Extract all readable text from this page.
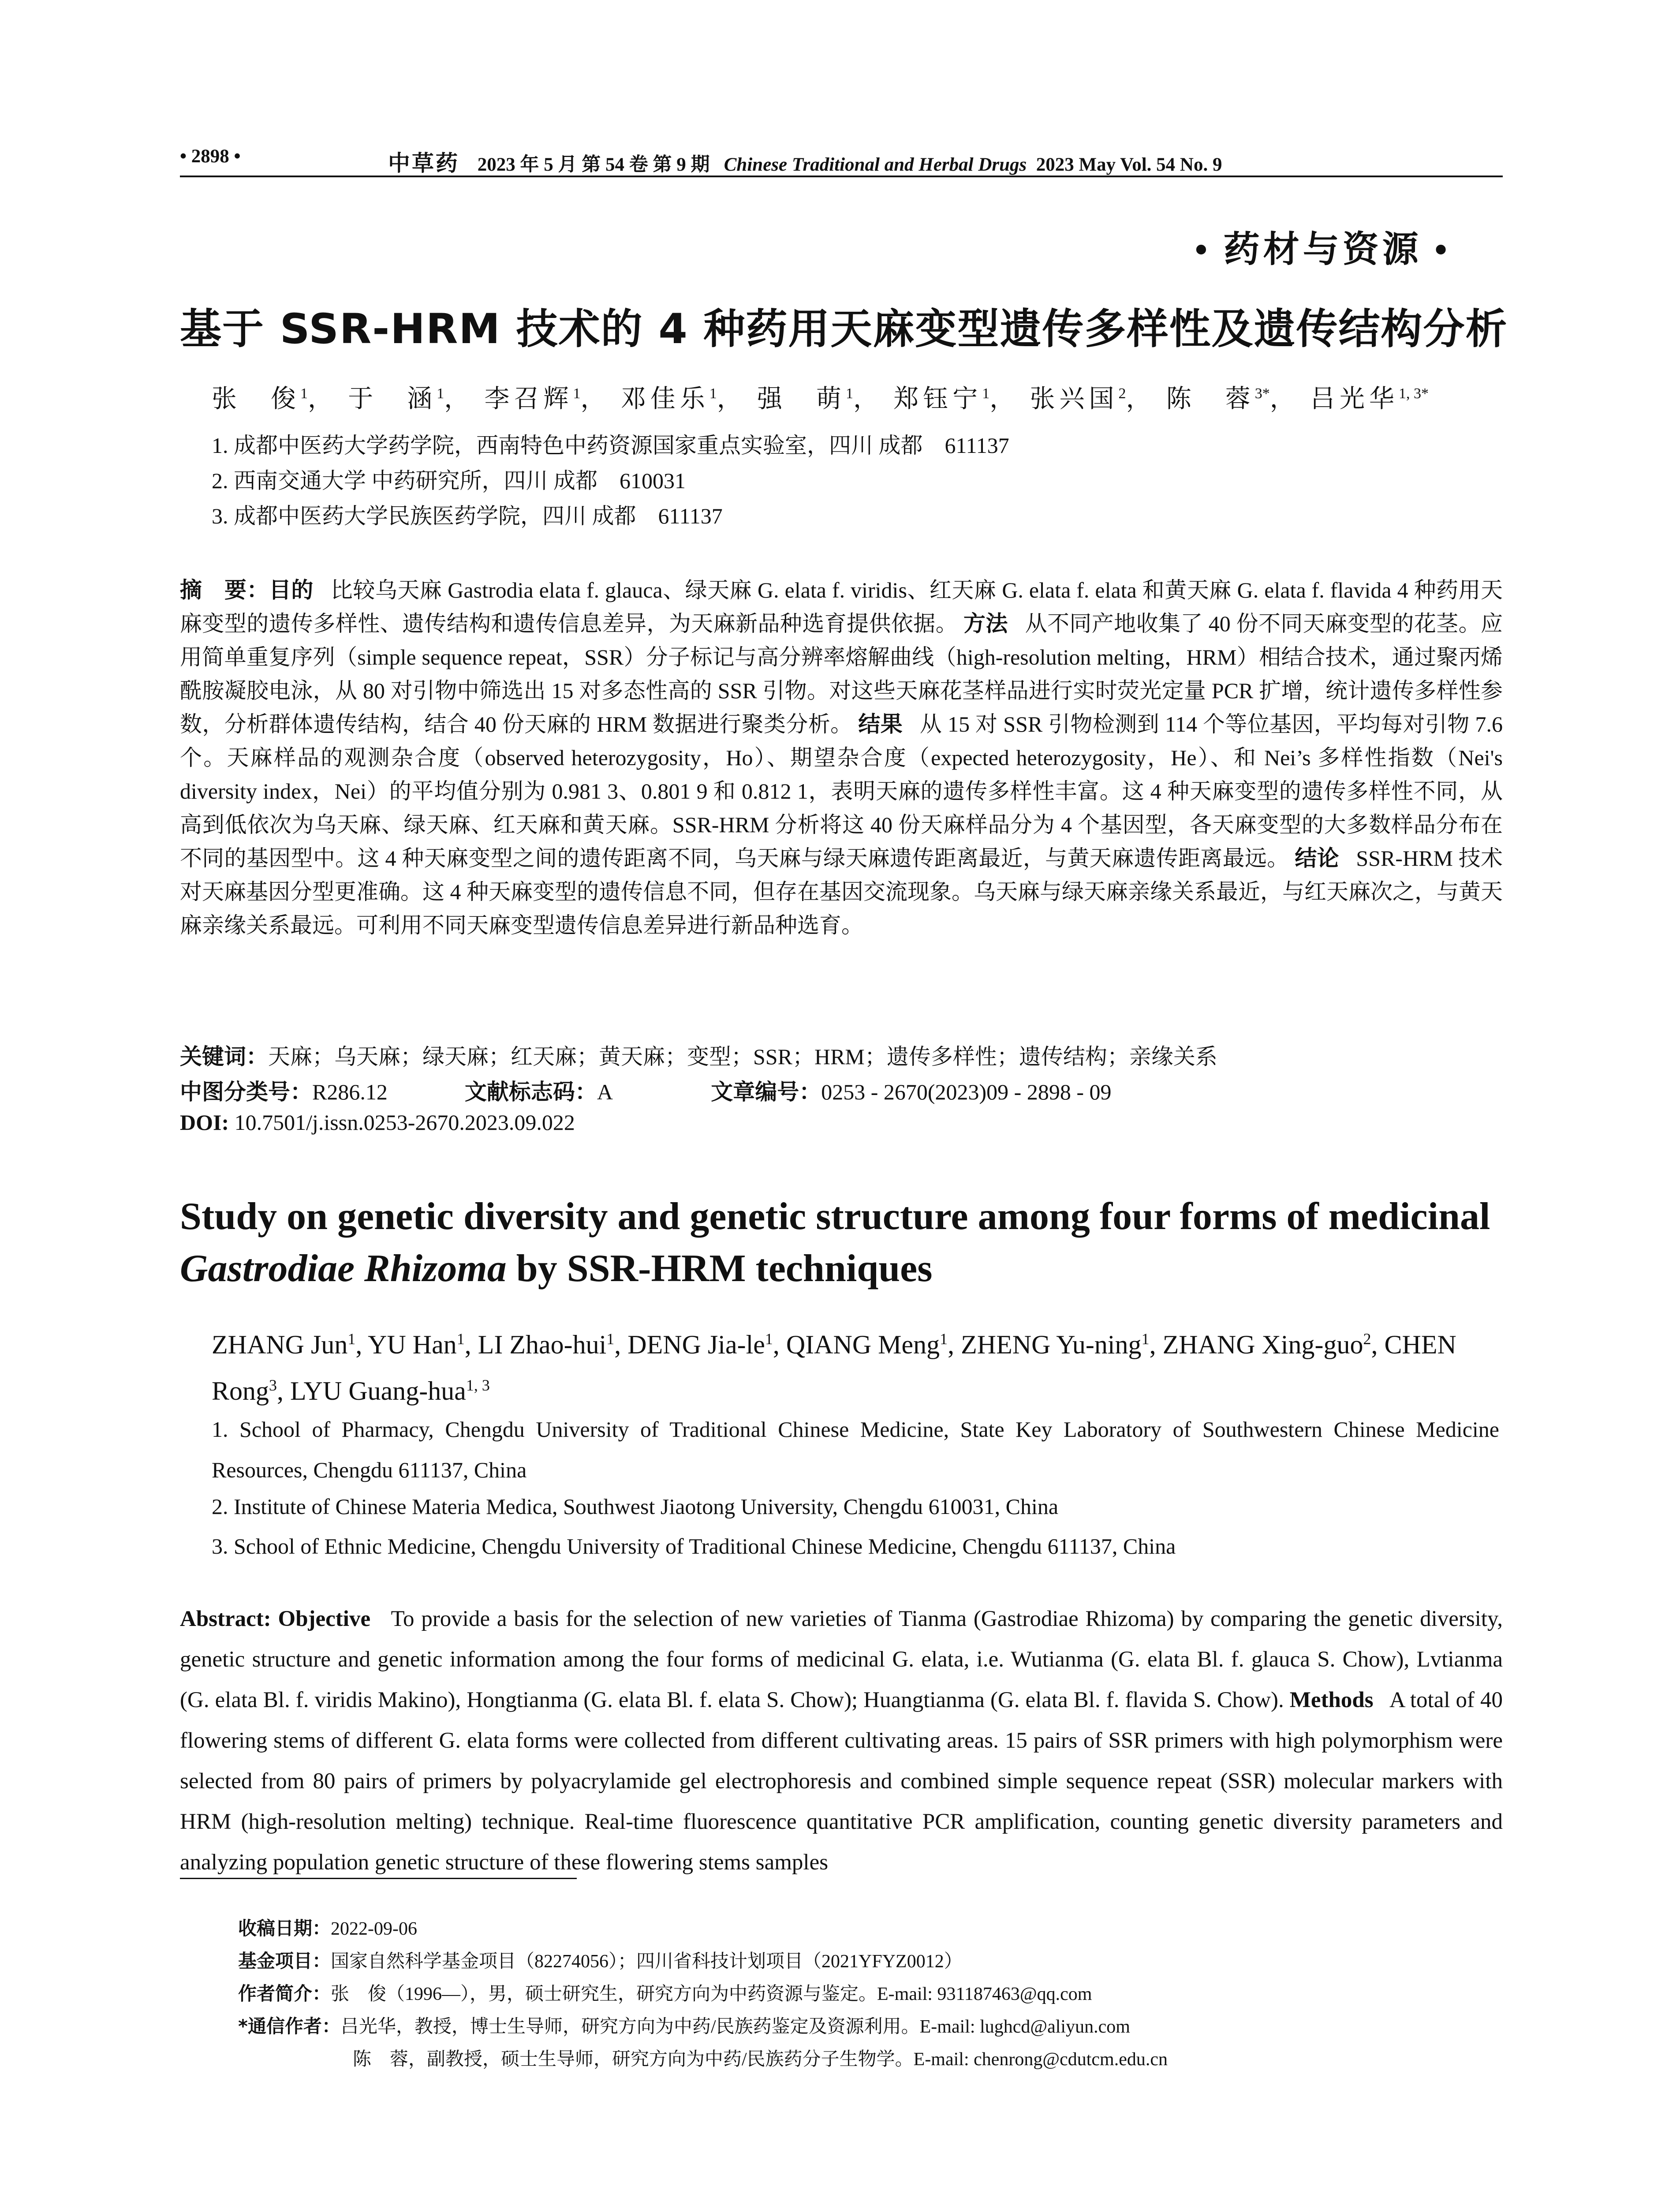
• 2898 •	中草药 2023 年 5 月 第 54 卷 第 9 期 Chinese Traditional and Herbal Drugs 2023 May Vol. 54 No. 9
• 药材与资源 •
基于 SSR-HRM 技术的 4 种药用天麻变型遗传多样性及遗传结构分析
张　俊$^1$， 于　涵$^1$， 李召辉$^1$， 邓佳乐$^1$， 强　萌$^1$， 郑钰宁$^1$， 张兴国$^2$， 陈　蓉$^{3*}$， 吕光华$^{1, 3*}$
1. 成都中医药大学药学院，西南特色中药资源国家重点实验室，四川 成都　611137
2. 西南交通大学 中药研究所，四川 成都　610031
3. 成都中医药大学民族医药学院，四川 成都　611137
摘　要：目的 比较乌天麻 Gastrodia elata f. glauca、绿天麻 G. elata f. viridis、红天麻 G. elata f. elata 和黄天麻 G. elata f. flavida 4 种药用天麻变型的遗传多样性、遗传结构和遗传信息差异，为天麻新品种选育提供依据。 方法 从不同产地收集了 40 份不同天麻变型的花茎。应用简单重复序列（simple sequence repeat，SSR）分子标记与高分辨率熔解曲线（high-resolution melting，HRM）相结合技术，通过聚丙烯酰胺凝胶电泳，从 80 对引物中筛选出 15 对多态性高的 SSR 引物。对这些天麻花茎样品进行实时荧光定量 PCR 扩增，统计遗传多样性参数，分析群体遗传结构，结合 40 份天麻的 HRM 数据进行聚类分析。 结果 从 15 对 SSR 引物检测到 114 个等位基因，平均每对引物 7.6 个。天麻样品的观测杂合度（observed heterozygosity，Ho）、期望杂合度（expected heterozygosity，He）、和 Nei’s 多样性指数（Nei's diversity index，Nei）的平均值分别为 0.981 3、0.801 9 和 0.812 1，表明天麻的遗传多样性丰富。这 4 种天麻变型的遗传多样性不同，从高到低依次为乌天麻、绿天麻、红天麻和黄天麻。SSR-HRM 分析将这 40 份天麻样品分为 4 个基因型，各天麻变型的大多数样品分布在不同的基因型中。这 4 种天麻变型之间的遗传距离不同，乌天麻与绿天麻遗传距离最近，与黄天麻遗传距离最远。 结论 SSR-HRM 技术对天麻基因分型更准确。这 4 种天麻变型的遗传信息不同，但存在基因交流现象。乌天麻与绿天麻亲缘关系最近，与红天麻次之，与黄天麻亲缘关系最远。可利用不同天麻变型遗传信息差异进行新品种选育。
关键词：天麻；乌天麻；绿天麻；红天麻；黄天麻；变型；SSR；HRM；遗传多样性；遗传结构；亲缘关系
中图分类号：R286.12	文献标志码：A	文章编号：0253 - 2670(2023)09 - 2898 - 09
DOI: 10.7501/j.issn.0253-2670.2023.09.022
Study on genetic diversity and genetic structure among four forms of medicinal
Gastrodiae Rhizoma by SSR-HRM techniques
ZHANG Jun$^1$, YU Han$^1$, LI Zhao-hui$^1$, DENG Jia-$le^1$, QIANG Meng$^1$, ZHENG Yu-ning$^1$, ZHANG Xing-guo$^2$, CHEN Rong$^3$, LYU Guang-hua$^{1, 3}$
1. School of Pharmacy, Chengdu University of Traditional Chinese Medicine, State Key Laboratory of Southwestern Chinese Medicine Resources, Chengdu 611137, China
2. Institute of Chinese Materia Medica, Southwest Jiaotong University, Chengdu 610031, China
3. School of Ethnic Medicine, Chengdu University of Traditional Chinese Medicine, Chengdu 611137, China
Abstract: Objective To provide a basis for the selection of new varieties of Tianma (Gastrodiae Rhizoma) by comparing the genetic diversity, genetic structure and genetic information among the four forms of medicinal G. elata, i.e. Wutianma (G. elata Bl. f. glauca S. Chow), Lvtianma (G. elata Bl. f. viridis Makino), Hongtianma (G. elata Bl. f. elata S. Chow); Huangtianma (G. elata Bl. f. flavida S. Chow). Methods A total of 40 flowering stems of different G. elata forms were collected from different cultivating areas. 15 pairs of SSR primers with high polymorphism were selected from 80 pairs of primers by polyacrylamide gel electrophoresis and combined simple sequence repeat (SSR) molecular markers with HRM (high-resolution melting) technique. Real-time fluorescence quantitative PCR amplification, counting genetic diversity parameters and analyzing population genetic structure of these flowering stems samples
收稿日期：2022-09-06
基金项目：国家自然科学基金项目（82274056）；四川省科技计划项目（2021YFYZ0012）
作者简介：张　俊（1996—），男，硕士研究生，研究方向为中药资源与鉴定。E-mail: 931187463@qq.com
*通信作者：吕光华，教授，博士生导师，研究方向为中药/民族药鉴定及资源利用。E-mail: lughcd@aliyun.com
陈　蓉，副教授，硕士生导师，研究方向为中药/民族药分子生物学。E-mail: chenrong@cdutcm.edu.cn
